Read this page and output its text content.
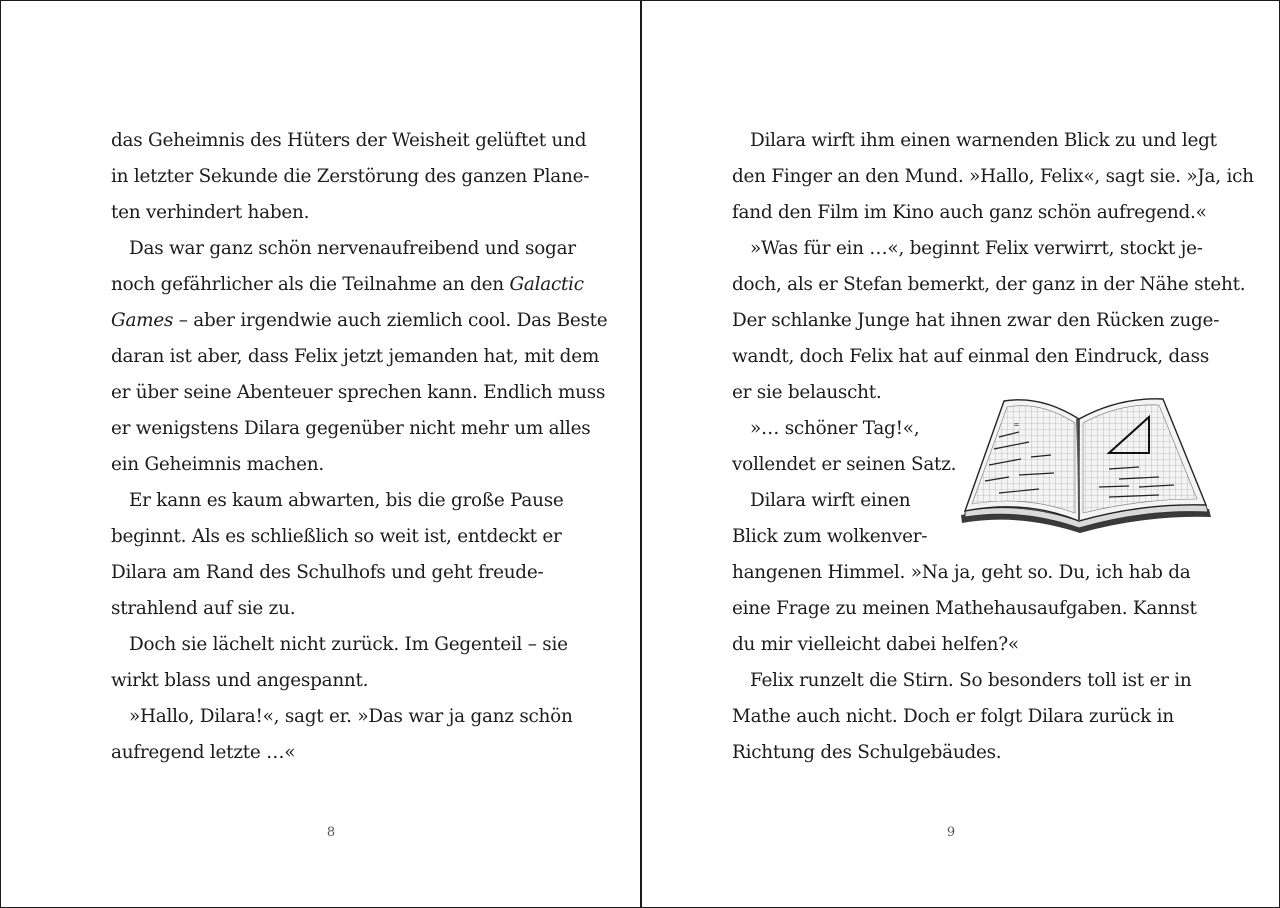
das Geheimnis des Hüters der Weisheit gelüftet und
in letzter Sekunde die Zerstörung des ganzen Plane-
ten verhindert haben.
Das war ganz schön nervenaufreibend und sogar
noch gefährlicher als die Teilnahme an den Galactic
Games – aber irgendwie auch ziemlich cool. Das Beste
daran ist aber, dass Felix jetzt jemanden hat, mit dem
er über seine Abenteuer sprechen kann. Endlich muss
er wenigstens Dilara gegenüber nicht mehr um alles
ein Geheimnis machen.
Er kann es kaum abwarten, bis die große Pause
beginnt. Als es schließlich so weit ist, entdeckt er
Dilara am Rand des Schulhofs und geht freude-
strahlend auf sie zu.
Doch sie lächelt nicht zurück. Im Gegenteil – sie
wirkt blass und angespannt.
»Hallo, Dilara!«, sagt er. »Das war ja ganz schön
aufregend letzte …«
8
Dilara wirft ihm einen warnenden Blick zu und legt
den Finger an den Mund. »Hallo, Felix«, sagt sie. »Ja, ich
fand den Film im Kino auch ganz schön aufregend.«
»Was für ein …«, beginnt Felix verwirrt, stockt je-
doch, als er Stefan bemerkt, der ganz in der Nähe steht.
Der schlanke Junge hat ihnen zwar den Rücken zuge-
wandt, doch Felix hat auf einmal den Eindruck, dass
er sie belauscht.
»… schöner Tag!«,
vollendet er seinen Satz.
Dilara wirft einen
Blick zum wolkenver-
hangenen Himmel. »Na ja, geht so. Du, ich hab da
eine Frage zu meinen Mathehausaufgaben. Kannst
du mir vielleicht dabei helfen?«
Felix runzelt die Stirn. So besonders toll ist er in
Mathe auch nicht. Doch er folgt Dilara zurück in
Richtung des Schulgebäudes.
=
9
